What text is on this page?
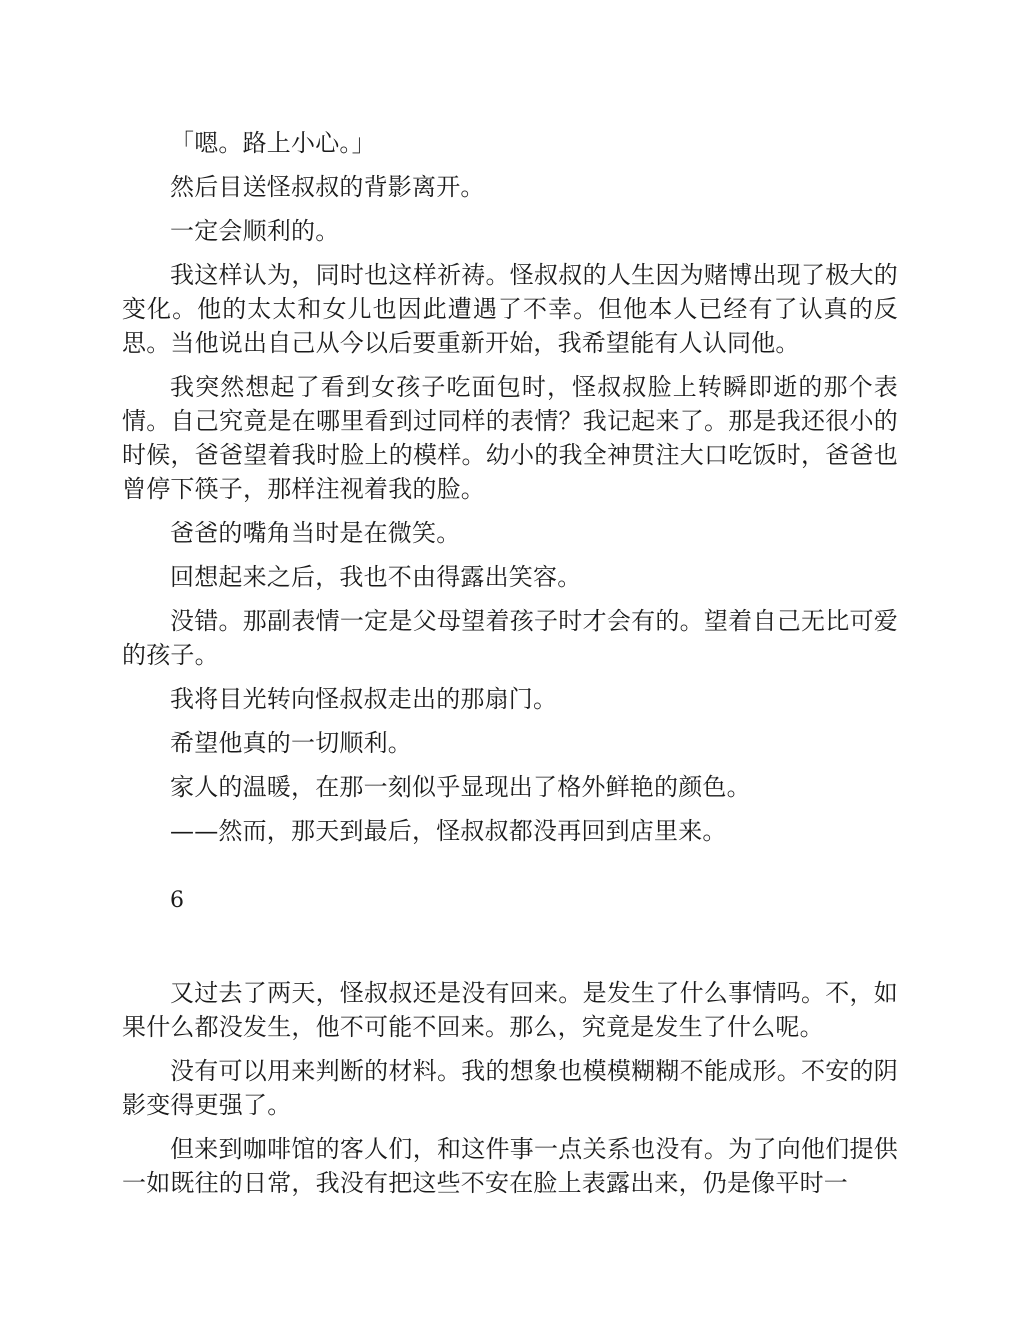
「嗯。路上小心。」

然后目送怪叔叔的背影离开。

一定会顺利的。

我这样认为，同时也这样祈祷。怪叔叔的人生因为赌博出现了极大的变化。他的太太和女儿也因此遭遇了不幸。但他本人已经有了认真的反思。当他说出自己从今以后要重新开始，我希望能有人认同他。

我突然想起了看到女孩子吃面包时，怪叔叔脸上转瞬即逝的那个表情。自己究竟是在哪里看到过同样的表情？我记起来了。那是我还很小的时候，爸爸望着我时脸上的模样。幼小的我全神贯注大口吃饭时，爸爸也曾停下筷子，那样注视着我的脸。

爸爸的嘴角当时是在微笑。

回想起来之后，我也不由得露出笑容。

没错。那副表情一定是父母望着孩子时才会有的。望着自己无比可爱的孩子。

我将目光转向怪叔叔走出的那扇门。

希望他真的一切顺利。

家人的温暖，在那一刻似乎显现出了格外鲜艳的颜色。

——然而，那天到最后，怪叔叔都没再回到店里来。

6

又过去了两天，怪叔叔还是没有回来。是发生了什么事情吗。不，如果什么都没发生，他不可能不回来。那么，究竟是发生了什么呢。

没有可以用来判断的材料。我的想象也模模糊糊不能成形。不安的阴影变得更强了。

但来到咖啡馆的客人们，和这件事一点关系也没有。为了向他们提供一如既往的日常，我没有把这些不安在脸上表露出来，仍是像平时一
